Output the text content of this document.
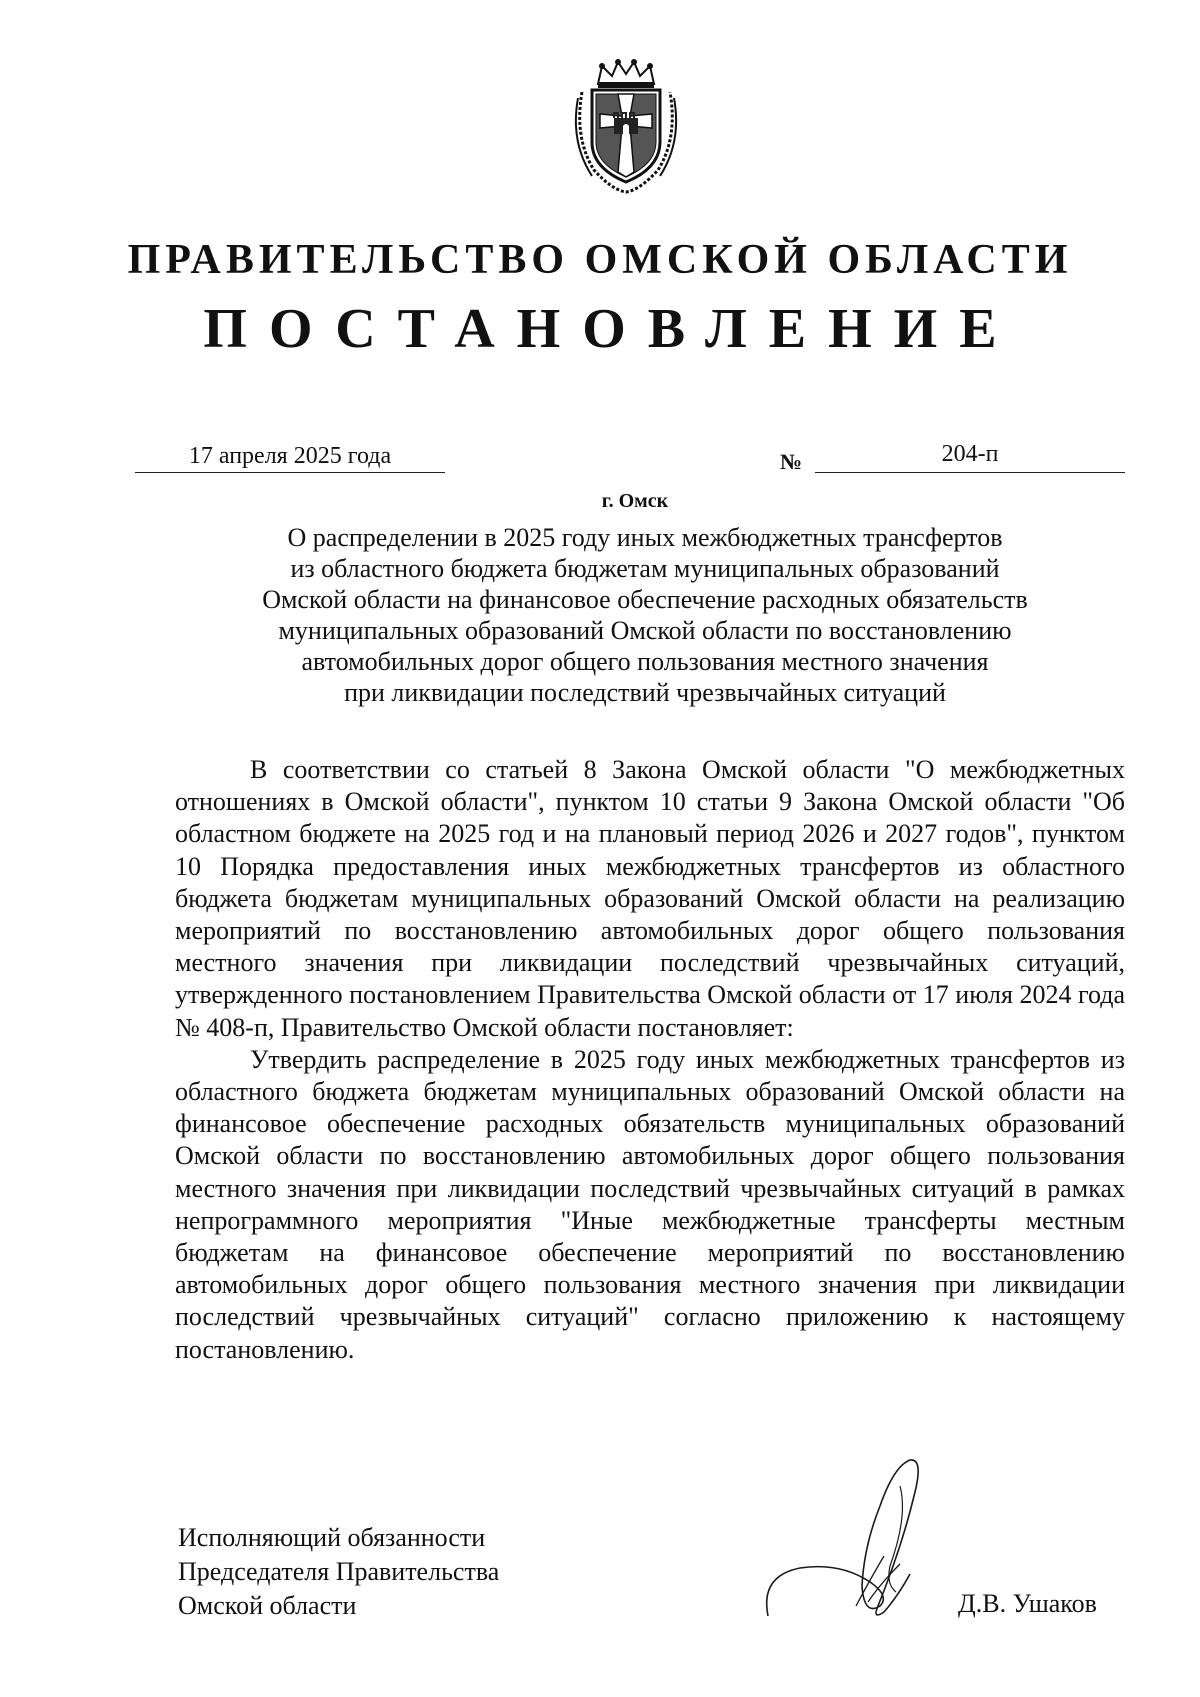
ПРАВИТЕЛЬСТВО ОМСКОЙ ОБЛАСТИ
ПОСТАНОВЛЕНИЕ
17 апреля 2025 года	№	204-п
г. Омск
О распределении в 2025 году иных межбюджетных трансфертов
из областного бюджета бюджетам муниципальных образований
Омской области на финансовое обеспечение расходных обязательств
муниципальных образований Омской области по восстановлению
автомобильных дорог общего пользования местного значения
при ликвидации последствий чрезвычайных ситуаций

В соответствии со статьей 8 Закона Омской области "О межбюджетных отношениях в Омской области", пунктом 10 статьи 9 Закона Омской области "Об областном бюджете на 2025 год и на плановый период 2026 и 2027 годов", пунктом 10 Порядка предоставления иных межбюджетных трансфертов из областного бюджета бюджетам муниципальных образований Омской области на реализацию мероприятий по восстановлению автомобильных дорог общего пользования местного значения при ликвидации последствий чрезвычайных ситуаций, утвержденного постановлением Правительства Омской области от 17 июля 2024 года № 408-п, Правительство Омской области постановляет:

Утвердить распределение в 2025 году иных межбюджетных трансфертов из областного бюджета бюджетам муниципальных образований Омской области на финансовое обеспечение расходных обязательств муниципальных образований Омской области по восстановлению автомобильных дорог общего пользования местного значения при ликвидации последствий чрезвычайных ситуаций в рамках непрограммного мероприятия "Иные межбюджетные трансферты местным бюджетам на финансовое обеспечение мероприятий по восстановлению автомобильных дорог общего пользования местного значения при ликвидации последствий чрезвычайных ситуаций" согласно приложению к настоящему постановлению.

Исполняющий обязанности
Председателя Правительства
Омской области	Д.В. Ушаков
